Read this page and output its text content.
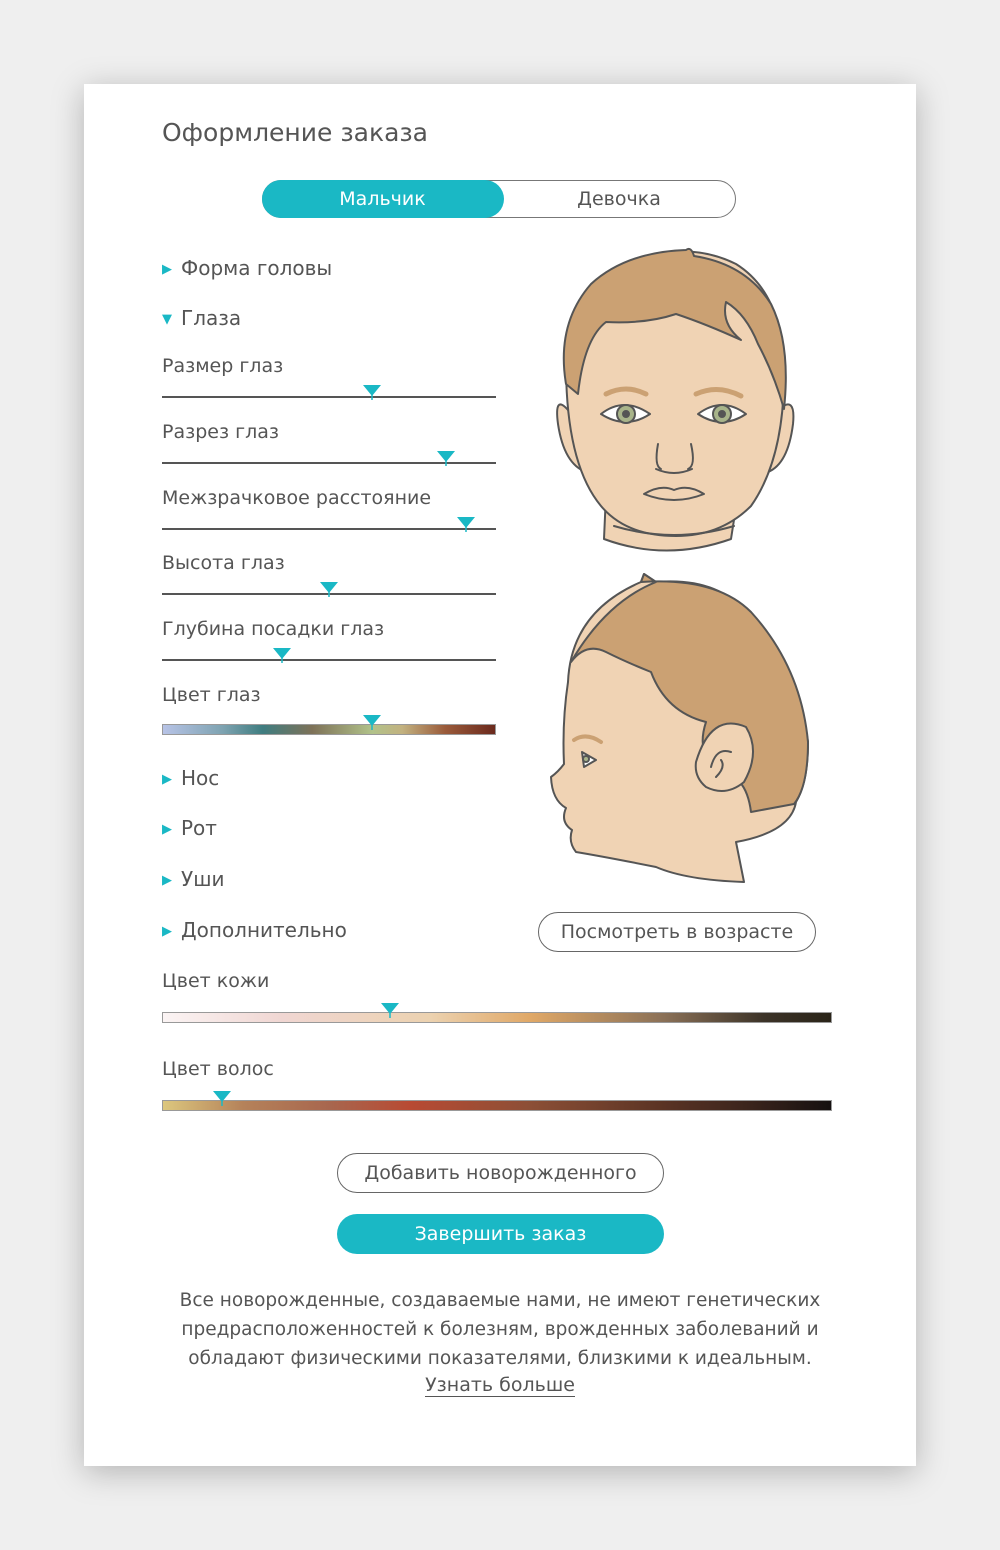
Оформление заказа
Мальчик	Девочка
▶ Форма головы
▼ Глаза
Размер глаз
Разрез глаз
Межзрачковое расстояние
Высота глаз
Глубина посадки глаз
Цвет глаз
▶ Нос
▶ Рот
▶ Уши
▶ Дополнительно	Посмотреть в возрасте
Цвет кожи
Цвет волос
Добавить новорожденного
Завершить заказ
Все новорожденные, создаваемые нами, не имеют генетических предрасположенностей к болезням, врожденных заболеваний и обладают физическими показателями, близкими к идеальным.
Узнать больше
